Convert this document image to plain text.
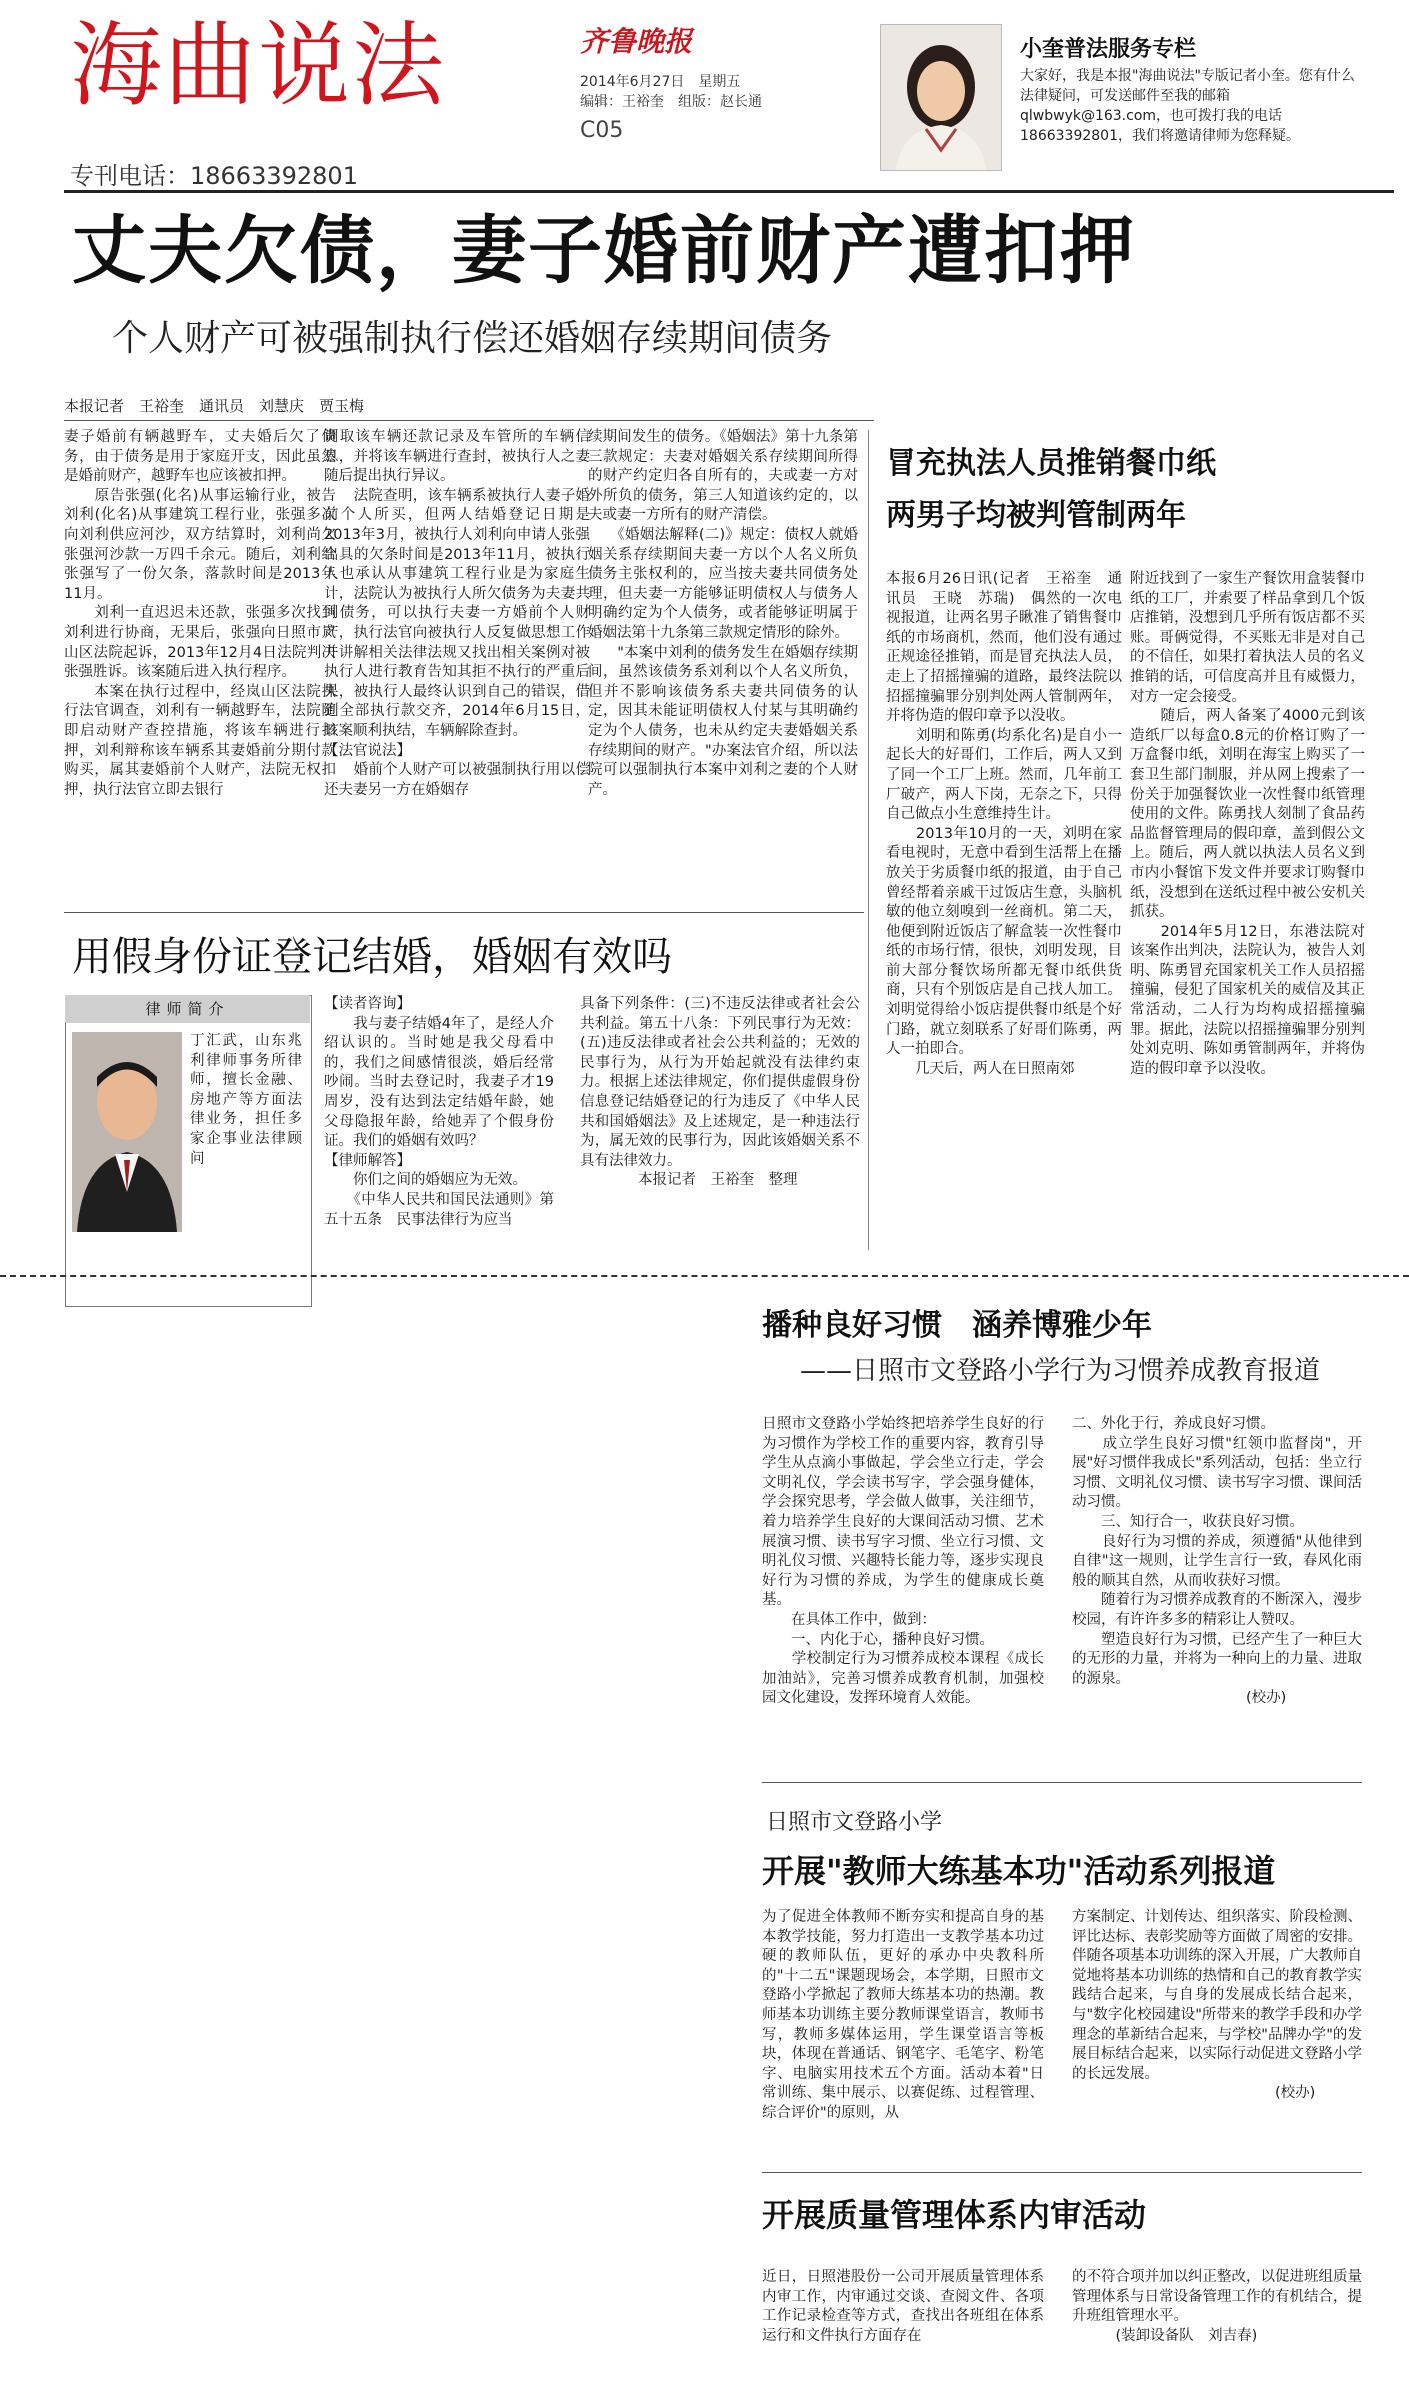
海曲说法
专刊电话：18663392801
齐鲁晚报
2014年6月27日　星期五
编辑：王裕奎　组版：赵长通
C05
小奎普法服务专栏
大家好，我是本报"海曲说法"专版记者小奎。您有什么法律疑问，可发送邮件至我的邮箱qlwbwyk@163.com，也可拨打我的电话18663392801，我们将邀请律师为您释疑。
丈夫欠债，妻子婚前财产遭扣押
个人财产可被强制执行偿还婚姻存续期间债务
本报记者　王裕奎　通讯员　刘慧庆　贾玉梅
妻子婚前有辆越野车，丈夫婚后欠了债务，由于债务是用于家庭开支，因此虽然是婚前财产，越野车也应该被扣押。
　　原告张强(化名)从事运输行业，被告刘利(化名)从事建筑工程行业，张强多次向刘利供应河沙，双方结算时，刘利尚欠张强河沙款一万四千余元。随后，刘利给张强写了一份欠条，落款时间是2013年11月。
　　刘利一直迟迟未还款，张强多次找到刘利进行协商，无果后，张强向日照市岚山区法院起诉，2013年12月4日法院判决张强胜诉。该案随后进入执行程序。
　　本案在执行过程中，经岚山区法院执行法官调查，刘利有一辆越野车，法院随即启动财产查控措施，将该车辆进行扣押，刘利辩称该车辆系其妻婚前分期付款购买，属其妻婚前个人财产，法院无权扣押，执行法官立即去银行
调取该车辆还款记录及车管所的车辆信息，并将该车辆进行查封，被执行人之妻随后提出执行异议。
　　法院查明，该车辆系被执行人妻子婚前个人所买，但两人结婚登记日期是2013年3月，被执行人刘利向申请人张强出具的欠条时间是2013年11月，被执行人也承认从事建筑工程行业是为家庭生计，法院认为被执行人所欠债务为夫妻共同债务，可以执行夫妻一方婚前个人财产，执行法官向被执行人反复做思想工作并讲解相关法律法规又找出相关案例对被执行人进行教育告知其拒不执行的严重后果，被执行人最终认识到自己的错误，借到全部执行款交齐，2014年6月15日，该案顺利执结，车辆解除查封。
【法官说法】
　　婚前个人财产可以被强制执行用以偿还夫妻另一方在婚姻存
续期间发生的债务。《婚姻法》第十九条第三款规定：夫妻对婚姻关系存续期间所得的财产约定归各自所有的，夫或妻一方对外所负的债务，第三人知道该约定的，以夫或妻一方所有的财产清偿。
　　《婚姻法解释(二)》规定：债权人就婚姻关系存续期间夫妻一方以个人名义所负债务主张权利的，应当按夫妻共同债务处理，但夫妻一方能够证明债权人与债务人明确约定为个人债务，或者能够证明属于婚姻法第十九条第三款规定情形的除外。
　　"本案中刘利的债务发生在婚姻存续期间，虽然该债务系刘利以个人名义所负，但并不影响该债务系夫妻共同债务的认定，因其未能证明债权人付某与其明确约定为个人债务，也未从约定夫妻婚姻关系存续期间的财产。"办案法官介绍，所以法院可以强制执行本案中刘利之妻的个人财产。
冒充执法人员推销餐巾纸
两男子均被判管制两年
本报6月26日讯(记者　王裕奎　通讯员　王晓　苏瑞)　偶然的一次电视报道，让两名男子瞅准了销售餐巾纸的市场商机，然而，他们没有通过正规途径推销，而是冒充执法人员，走上了招摇撞骗的道路，最终法院以招摇撞骗罪分别判处两人管制两年，并将伪造的假印章予以没收。
　　刘明和陈勇(均系化名)是自小一起长大的好哥们，工作后，两人又到了同一个工厂上班。然而，几年前工厂破产，两人下岗，无奈之下，只得自己做点小生意维持生计。
　　2013年10月的一天，刘明在家看电视时，无意中看到生活帮上在播放关于劣质餐巾纸的报道，由于自己曾经帮着亲戚干过饭店生意，头脑机敏的他立刻嗅到一丝商机。第二天，他便到附近饭店了解盒装一次性餐巾纸的市场行情，很快，刘明发现，目前大部分餐饮场所都无餐巾纸供货商，只有个别饭店是自己找人加工。刘明觉得给小饭店提供餐巾纸是个好门路，就立刻联系了好哥们陈勇，两人一拍即合。
　　几天后，两人在日照南郊
附近找到了一家生产餐饮用盒装餐巾纸的工厂，并索要了样品拿到几个饭店推销，没想到几乎所有饭店都不买账。哥俩觉得，不买账无非是对自己的不信任，如果打着执法人员的名义推销的话，可信度高并且有威慑力，对方一定会接受。
　　随后，两人备案了4000元到该造纸厂以每盒0.8元的价格订购了一万盒餐巾纸，刘明在海宝上购买了一套卫生部门制服，并从网上搜索了一份关于加强餐饮业一次性餐巾纸管理使用的文件。陈勇找人刻制了食品药品监督管理局的假印章，盖到假公文上。随后，两人就以执法人员名义到市内小餐馆下发文件并要求订购餐巾纸，没想到在送纸过程中被公安机关抓获。
　　2014年5月12日，东港法院对该案作出判决，法院认为，被告人刘明、陈勇冒充国家机关工作人员招摇撞骗，侵犯了国家机关的威信及其正常活动，二人行为均构成招摇撞骗罪。据此，法院以招摇撞骗罪分别判处刘克明、陈如勇管制两年，并将伪造的假印章予以没收。
用假身份证登记结婚，婚姻有效吗
律师简介
丁汇武，山东兆利律师事务所律师，擅长金融、房地产等方面法律业务，担任多家企事业法律顾问
【读者咨询】
　　我与妻子结婚4年了，是经人介绍认识的。当时她是我父母看中的，我们之间感情很淡，婚后经常吵闹。当时去登记时，我妻子才19周岁，没有达到法定结婚年龄，她父母隐报年龄，给她弄了个假身份证。我们的婚姻有效吗？
【律师解答】
　　你们之间的婚姻应为无效。
　　《中华人民共和国民法通则》第五十五条　民事法律行为应当
具备下列条件：(三)不违反法律或者社会公共利益。第五十八条：下列民事行为无效：(五)违反法律或者社会公共利益的；无效的民事行为，从行为开始起就没有法律约束力。根据上述法律规定，你们提供虚假身份信息登记结婚登记的行为违反了《中华人民共和国婚姻法》及上述规定，是一种违法行为，属无效的民事行为，因此该婚姻关系不具有法律效力。
　　　　本报记者　王裕奎　整理
播种良好习惯　涵养博雅少年
——日照市文登路小学行为习惯养成教育报道
日照市文登路小学始终把培养学生良好的行为习惯作为学校工作的重要内容，教育引导学生从点滴小事做起，学会坐立行走，学会文明礼仪，学会读书写字，学会强身健体，学会探究思考，学会做人做事，关注细节，着力培养学生良好的大课间活动习惯、艺术展演习惯、读书写字习惯、坐立行习惯、文明礼仪习惯、兴趣特长能力等，逐步实现良好行为习惯的养成，为学生的健康成长奠基。
　　在具体工作中，做到：
　　一、内化于心，播种良好习惯。
　　学校制定行为习惯养成校本课程《成长加油站》，完善习惯养成教育机制，加强校园文化建设，发挥环境育人效能。
二、外化于行，养成良好习惯。
　　成立学生良好习惯"红领巾监督岗"，开展"好习惯伴我成长"系列活动，包括：坐立行习惯、文明礼仪习惯、读书写字习惯、课间活动习惯。
　　三、知行合一，收获良好习惯。
　　良好行为习惯的养成，须遵循"从他律到自律"这一规则，让学生言行一致，春风化雨般的顺其自然，从而收获好习惯。
　　随着行为习惯养成教育的不断深入，漫步校园，有许许多多的精彩让人赞叹。
　　塑造良好行为习惯，已经产生了一种巨大的无形的力量，并将为一种向上的力量、进取的源泉。
　　　　　　　　　　　　(校办)
日照市文登路小学
开展"教师大练基本功"活动系列报道
为了促进全体教师不断夯实和提高自身的基本教学技能，努力打造出一支教学基本功过硬的教师队伍，更好的承办中央教科所的"十二五"课题现场会，本学期，日照市文登路小学掀起了教师大练基本功的热潮。教师基本功训练主要分教师课堂语言，教师书写，教师多媒体运用，学生课堂语言等板块，体现在普通话、钢笔字、毛笔字、粉笔字、电脑实用技术五个方面。活动本着"日常训练、集中展示、以赛促练、过程管理、综合评价"的原则，从
方案制定、计划传达、组织落实、阶段检测、评比达标、表彰奖励等方面做了周密的安排。伴随各项基本功训练的深入开展，广大教师自觉地将基本功训练的热情和自己的教育教学实践结合起来，与自身的发展成长结合起来，与"数字化校园建设"所带来的教学手段和办学理念的革新结合起来，与学校"品牌办学"的发展目标结合起来，以实际行动促进文登路小学的长远发展。
　　　　　　　　　　　　　　(校办)
开展质量管理体系内审活动
近日，日照港股份一公司开展质量管理体系内审工作，内审通过交谈、查阅文件、各项工作记录检查等方式，查找出各班组在体系运行和文件执行方面存在
的不符合项并加以纠正整改，以促进班组质量管理体系与日常设备管理工作的有机结合，提升班组管理水平。
　　　(装卸设备队　刘吉春)
